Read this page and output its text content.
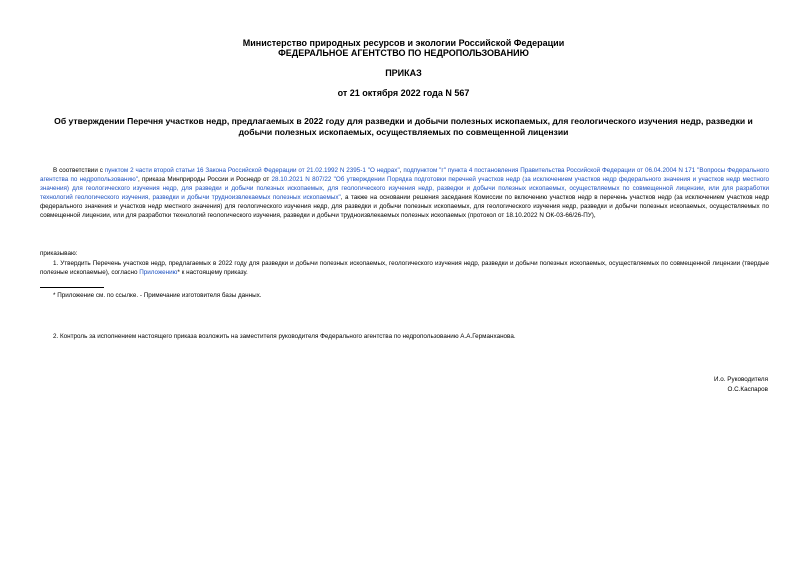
Министерство природных ресурсов и экологии Российской Федерации
ФЕДЕРАЛЬНОЕ АГЕНТСТВО ПО НЕДРОПОЛЬЗОВАНИЮ
ПРИКАЗ
от 21 октября 2022 года N 567
Об утверждении Перечня участков недр, предлагаемых в 2022 году для разведки и добычи полезных ископаемых, для геологического изучения недр, разведки и
добычи полезных ископаемых, осуществляемых по совмещенной лицензии
В соответствии с пунктом 2 части второй статьи 16 Закона Российской Федерации от 21.02.1992 N 2395-1 "О недрах", подпунктом "г" пункта 4 постановления Правительства Российской Федерации от 06.04.2004 N 171 "Вопросы Федерального агентства по недропользованию", приказа Минприроды России и Роснедр от 28.10.2021 N 807/22 "Об утверждении Порядка подготовки перечней участков недр (за исключением участков недр федерального значения и участков недр местного значения) для геологического изучения недр, для разведки и добычи полезных ископаемых, для геологического изучения недр, разведки и добычи полезных ископаемых, осуществляемых по совмещенной лицензии, или для разработки технологий геологического изучения, разведки и добычи трудноизвлекаемых полезных ископаемых", а также на основании решения заседания Комиссии по включению участков недр в перечень участков недр (за исключением участков недр федерального значения и участков недр местного значения) для геологического изучения недр, для разведки и добычи полезных ископаемых, для геологического изучения недр, разведки и добычи полезных ископаемых, осуществляемых по совмещенной лицензии, или для разработки технологий геологического изучения, разведки и добычи трудноизвлекаемых полезных ископаемых (протокол от 18.10.2022 N ОК-03-66/26-ПУ),
приказываю:
1. Утвердить Перечень участков недр, предлагаемых в 2022 году для разведки и добычи полезных ископаемых, геологического изучения недр, разведки и добычи полезных ископаемых, осуществляемых по совмещенной лицензии (твердые полезные ископаемые), согласно Приложению* к настоящему приказу.
* Приложение см. по ссылке. - Примечание изготовителя базы данных.
2. Контроль за исполнением настоящего приказа возложить на заместителя руководителя Федерального агентства по недропользованию А.А.Германханова.
И.о. Руководителя
О.С.Каспаров
